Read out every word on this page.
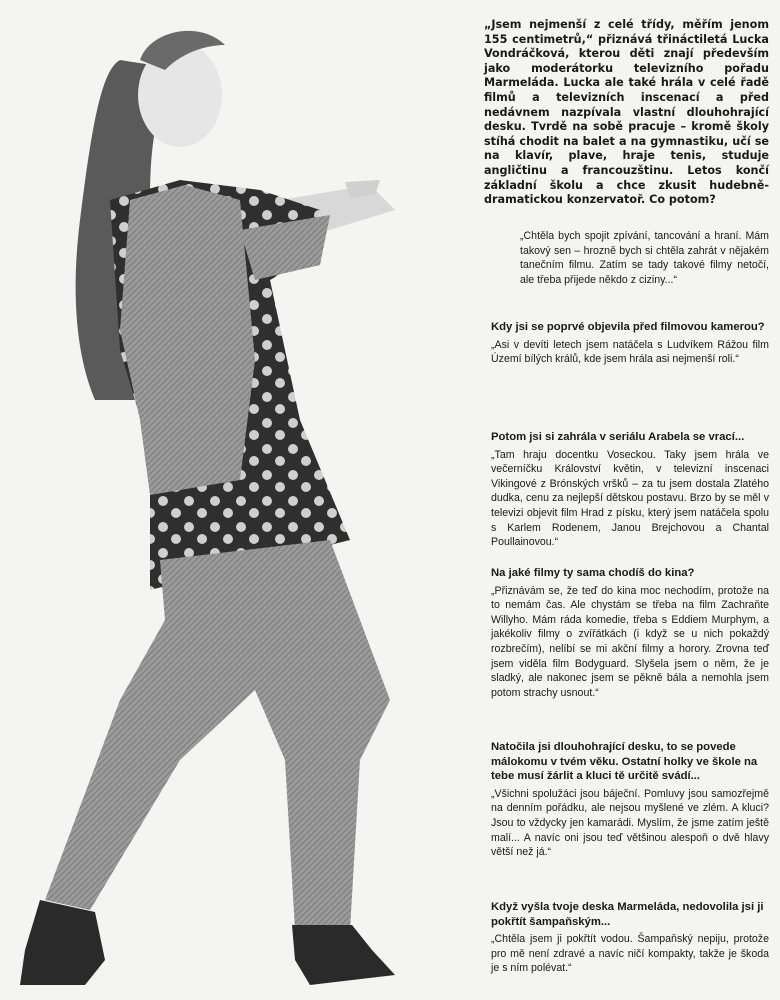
„Jsem nejmenší z celé třídy, měřím jenom 155 centimetrů,“ přiznává třináctiletá Lucka Vondráčková, kterou děti znají především jako moderátorku televizního pořadu Marmeláda. Lucka ale také hrála v celé řadě filmů a televizních inscenací a před nedávnem nazpívala vlastní dlouhohrající desku. Tvrdě na sobě pracuje – kromě školy stíhá chodit na balet a na gymnastiku, učí se na klavír, plave, hraje tenis, studuje angličtinu a francouzštinu. Letos končí základní školu a chce zkusit hudebně-dramatickou konzervatoř. Co potom?

„Chtěla bych spojit zpívání, tancování a hraní. Mám takový sen – hrozně bych si chtěla zahrát v nějakém tanečním filmu. Zatím se tady takové filmy netočí, ale třeba přijede někdo z ciziny...“

Kdy jsi se poprvé objevila před filmovou kamerou?

„Asi v devíti letech jsem natáčela s Ludvíkem Rážou film Území bílých králů, kde jsem hrála asi nejmenší roli.“

Potom jsi si zahrála v seriálu Arabela se vrací...

„Tam hraju docentku Voseckou. Taky jsem hrála ve večerníčku Království květin, v televizní inscenaci Vikingové z Brónských vršků – za tu jsem dostala Zlatého dudka, cenu za nejlepší dětskou postavu. Brzo by se měl v televizi objevit film Hrad z písku, který jsem natáčela spolu s Karlem Rodenem, Janou Brejchovou a Chantal Poullainovou.“

Na jaké filmy ty sama chodíš do kina?

„Přiznávám se, že teď do kina moc nechodím, protože na to nemám čas. Ale chystám se třeba na film Zachraňte Willyho. Mám ráda komedie, třeba s Eddiem Murphym, a jakékoliv filmy o zvířátkách (i když se u nich pokaždý rozbrečím), nelíbí se mi akční filmy a horory. Zrovna teď jsem viděla film Bodyguard. Slyšela jsem o něm, že je sladký, ale nakonec jsem se pěkně bála a nemohla jsem potom strachy usnout.“

Natočila jsi dlouhohrající desku, to se povede málokomu v tvém věku. Ostatní holky ve škole na tebe musí žárlit a kluci tě určitě svádí...

„Všichni spolužáci jsou báječní. Pomluvy jsou samozřejmě na denním pořádku, ale nejsou myšlené ve zlém. A kluci? Jsou to vždycky jen kamarádi. Myslím, že jsme zatím ještě malí... A navíc oni jsou teď většinou alespoň o dvě hlavy větší než já.“

Když vyšla tvoje deska Marmeláda, nedovolila jsi ji pokřtít šampaňským...

„Chtěla jsem ji pokřtít vodou. Šampaňský nepiju, protože pro mě není zdravé a navíc ničí kompakty, takže je škoda je s ním polévat.“
